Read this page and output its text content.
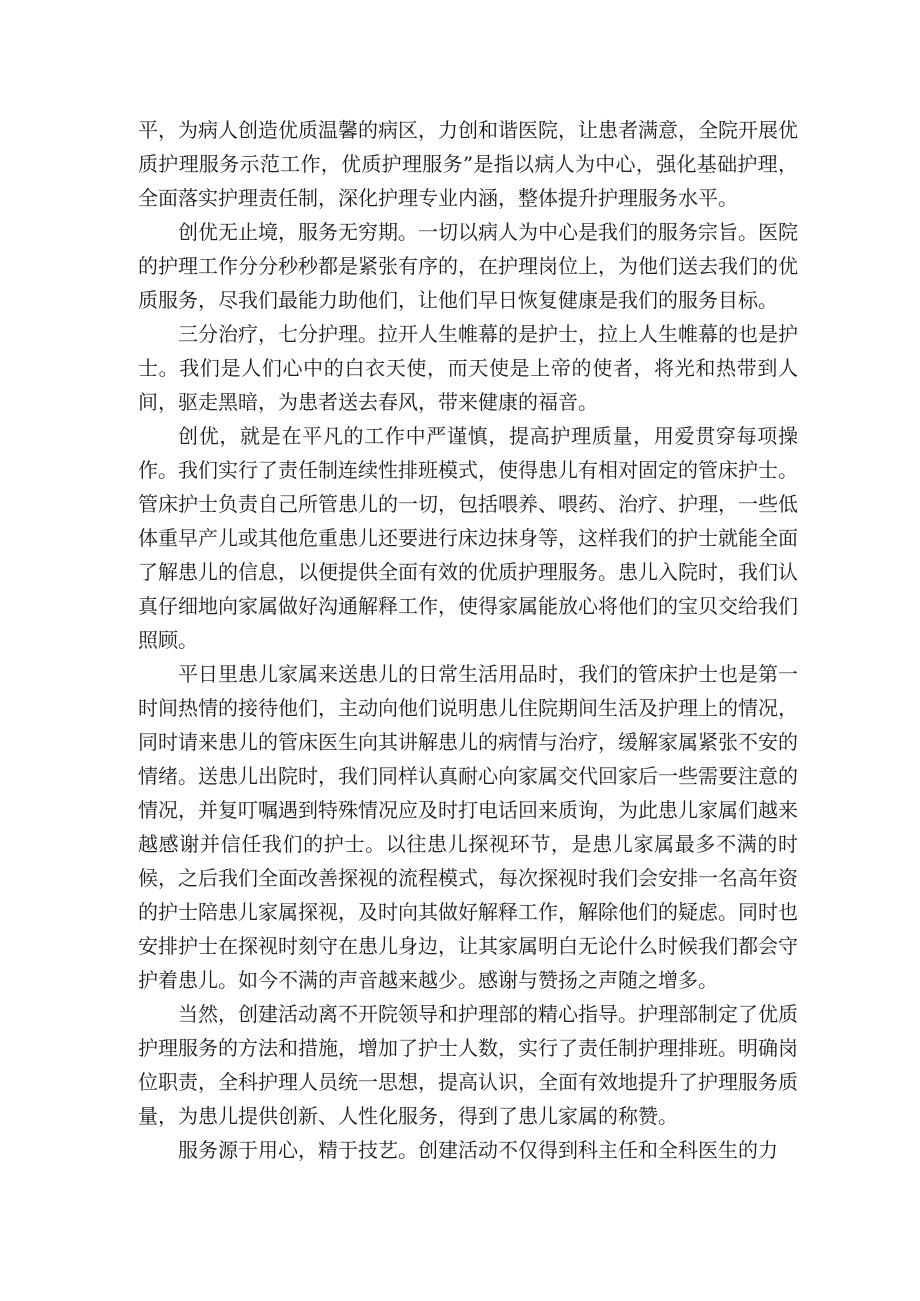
平，为病人创造优质温馨的病区，力创和谐医院，让患者满意，全院开展优质护理服务示范工作，优质护理服务”是指以病人为中心，强化基础护理，全面落实护理责任制，深化护理专业内涵，整体提升护理服务水平。

创优无止境，服务无穷期。一切以病人为中心是我们的服务宗旨。医院的护理工作分分秒秒都是紧张有序的，在护理岗位上，为他们送去我们的优质服务，尽我们最能力助他们，让他们早日恢复健康是我们的服务目标。

三分治疗，七分护理。拉开人生帷幕的是护士，拉上人生帷幕的也是护士。我们是人们心中的白衣天使，而天使是上帝的使者，将光和热带到人间，驱走黑暗，为患者送去春风，带来健康的福音。

创优，就是在平凡的工作中严谨慎，提高护理质量，用爱贯穿每项操作。我们实行了责任制连续性排班模式，使得患儿有相对固定的管床护士。管床护士负责自己所管患儿的一切，包括喂养、喂药、治疗、护理，一些低体重早产儿或其他危重患儿还要进行床边抹身等，这样我们的护士就能全面了解患儿的信息，以便提供全面有效的优质护理服务。患儿入院时，我们认真仔细地向家属做好沟通解释工作，使得家属能放心将他们的宝贝交给我们照顾。

平日里患儿家属来送患儿的日常生活用品时，我们的管床护士也是第一时间热情的接待他们，主动向他们说明患儿住院期间生活及护理上的情况，同时请来患儿的管床医生向其讲解患儿的病情与治疗，缓解家属紧张不安的情绪。送患儿出院时，我们同样认真耐心向家属交代回家后一些需要注意的情况，并复叮嘱遇到特殊情况应及时打电话回来质询，为此患儿家属们越来越感谢并信任我们的护士。以往患儿探视环节，是患儿家属最多不满的时候，之后我们全面改善探视的流程模式，每次探视时我们会安排一名高年资的护士陪患儿家属探视，及时向其做好解释工作，解除他们的疑虑。同时也安排护士在探视时刻守在患儿身边，让其家属明白无论什么时候我们都会守护着患儿。如今不满的声音越来越少。感谢与赞扬之声随之增多。

当然，创建活动离不开院领导和护理部的精心指导。护理部制定了优质护理服务的方法和措施，增加了护士人数，实行了责任制护理排班。明确岗位职责，全科护理人员统一思想，提高认识，全面有效地提升了护理服务质量，为患儿提供创新、人性化服务，得到了患儿家属的称赞。

服务源于用心，精于技艺。创建活动不仅得到科主任和全科医生的力
